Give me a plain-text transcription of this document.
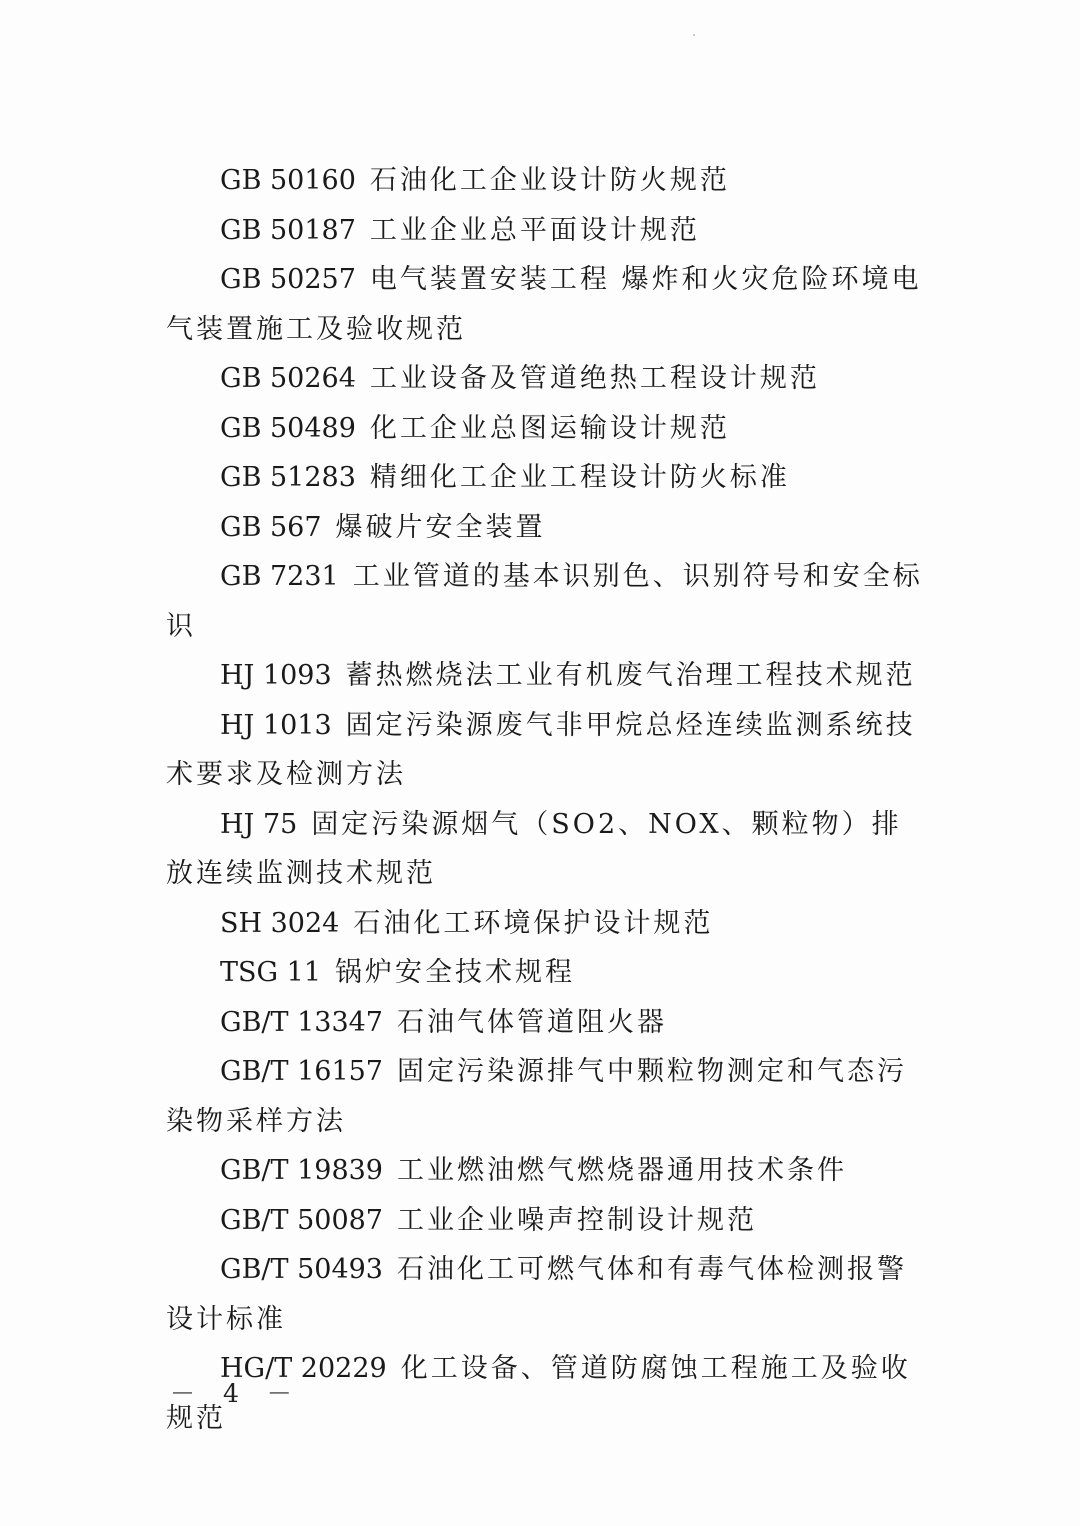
GB 50160 石油化工企业设计防火规范

GB 50187 工业企业总平面设计规范

GB 50257 电气装置安装工程 爆炸和火灾危险环境电气装置施工及验收规范

GB 50264 工业设备及管道绝热工程设计规范

GB 50489 化工企业总图运输设计规范

GB 51283 精细化工企业工程设计防火标准

GB 567 爆破片安全装置

GB 7231 工业管道的基本识别色、识别符号和安全标识

HJ 1093 蓄热燃烧法工业有机废气治理工程技术规范

HJ 1013 固定污染源废气非甲烷总烃连续监测系统技术要求及检测方法

HJ 75 固定污染源烟气（SO2、NOX、颗粒物）排放连续监测技术规范

SH 3024 石油化工环境保护设计规范

TSG 11 锅炉安全技术规程

GB/T 13347 石油气体管道阻火器

GB/T 16157 固定污染源排气中颗粒物测定和气态污染物采样方法

GB/T 19839 工业燃油燃气燃烧器通用技术条件

GB/T 50087 工业企业噪声控制设计规范

GB/T 50493 石油化工可燃气体和有毒气体检测报警设计标准

HG/T 20229 化工设备、管道防腐蚀工程施工及验收规范

－ 4 －
